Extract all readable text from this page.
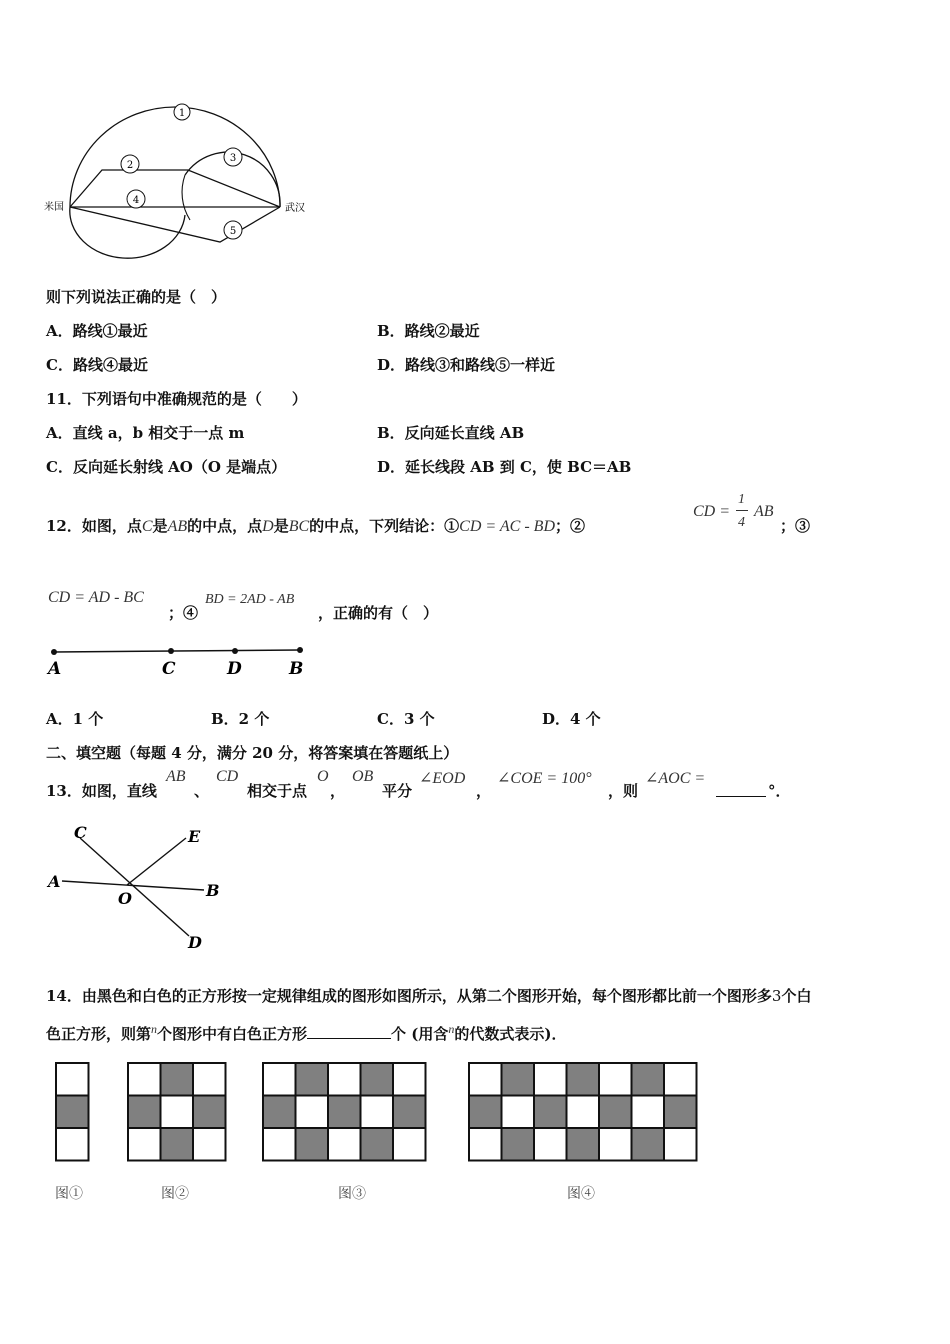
1
2
3
4
5
米国	武汉
则下列说法正确的是（　）
A．路线①最近	B．路线②最近
C．路线④最近	D．路线③和路线⑤一样近
11．下列语句中准确规范的是（　　）
A．直线 a，b 相交于一点 m	B．反向延长直线 AB
C．反向延长射线 AO（O 是端点）	D．延长线段 AB 到 C，使 BC＝AB
12．如图，点C是AB的中点，点D是BC的中点，下列结论：①CD = AC - BD；②
CD =
1
4
AB
；③
CD = AD - BC
；④
BD = 2AD - AB
，正确的有（　）
A	C	D	B
A．1 个	B．2 个	C．3 个	D．4 个
二、填空题（每题 4 分，满分 20 分，将答案填在答题纸上）
13．如图，直线
AB
、
CD
相交于点
O
，
OB
平分
∠EOD
，
∠COE = 100°
，则
∠AOC =
°．
C	E
A	B
O
D
14．由黑色和白色的正方形按一定规律组成的图形如图所示，从第二个图形开始，每个图形都比前一个图形多3个白
色正方形，则第$^n$个图形中有白色正方形	个 (用含$^n$的代数式表示)．
图①	图②	图③	图④
